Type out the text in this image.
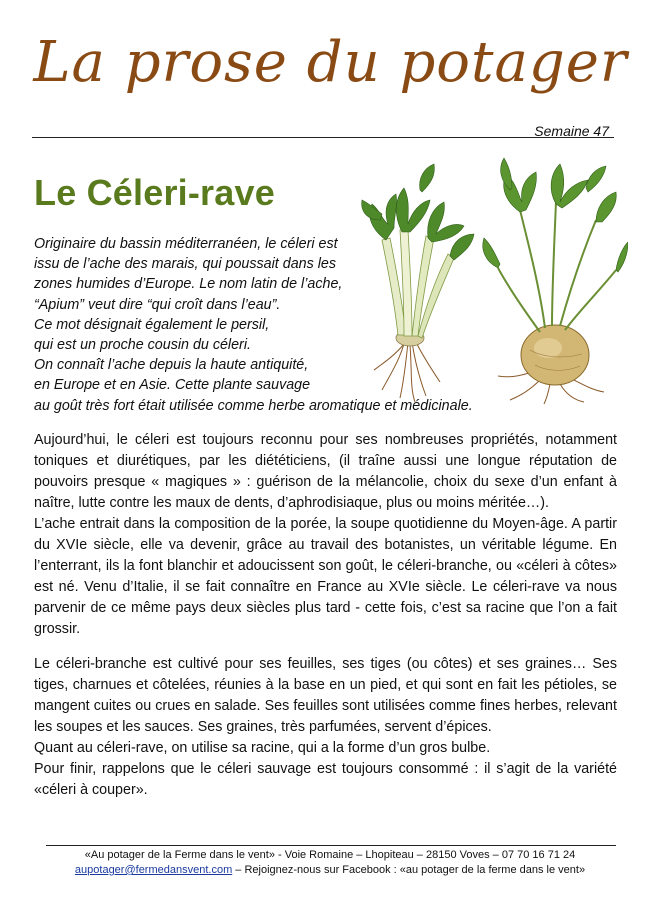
La prose du potager
Semaine 47
Le Céleri-rave
Originaire du bassin méditerranéen, le céleri est
issu de l’ache des marais, qui poussait dans les
zones humides d’Europe. Le nom latin de l’ache,
“Apium” veut dire “qui croît dans l’eau”.
Ce mot désignait également le persil,
qui est un proche cousin du céleri.
On connaît l’ache depuis la haute antiquité,
en Europe et en Asie. Cette plante sauvage
au goût très fort était utilisée comme herbe aromatique et médicinale.

Aujourd’hui, le céleri est toujours reconnu pour ses nombreuses propriétés, notamment toniques et diurétiques, par les diététiciens, (il traîne aussi une longue réputation de pouvoirs presque « magiques » : guérison de la mélancolie, choix du sexe d’un enfant à naître, lutte contre les maux de dents, d’aphrodisiaque, plus ou moins méritée…).

L’ache entrait dans la composition de la porée, la soupe quotidienne du Moyen-âge. A partir du XVIe siècle, elle va devenir, grâce au travail des botanistes, un véritable légume. En l’enterrant, ils la font blanchir et adoucissent son goût, le céleri-branche, ou «céleri à côtes» est né. Venu d’Italie, il se fait connaître en France au XVIe siècle. Le céleri-rave va nous parvenir de ce même pays deux siècles plus tard - cette fois, c’est sa racine que l’on a fait grossir.

Le céleri-branche est cultivé pour ses feuilles, ses tiges (ou côtes) et ses graines… Ses tiges, charnues et côtelées, réunies à la base en un pied, et qui sont en fait les pétioles, se mangent cuites ou crues en salade. Ses feuilles sont utilisées comme fines herbes, relevant les soupes et les sauces. Ses graines, très parfumées, servent d’épices.

Quant au céleri-rave, on utilise sa racine, qui a la forme d’un gros bulbe.

Pour finir, rappelons que le céleri sauvage est toujours consommé : il s’agit de la variété «céleri à couper».

«Au potager de la Ferme dans le vent» - Voie Romaine – Lhopiteau – 28150 Voves – 07 70 16 71 24
aupotager@fermedansvent.com – Rejoignez-nous sur Facebook : «au potager de la ferme dans le vent»
